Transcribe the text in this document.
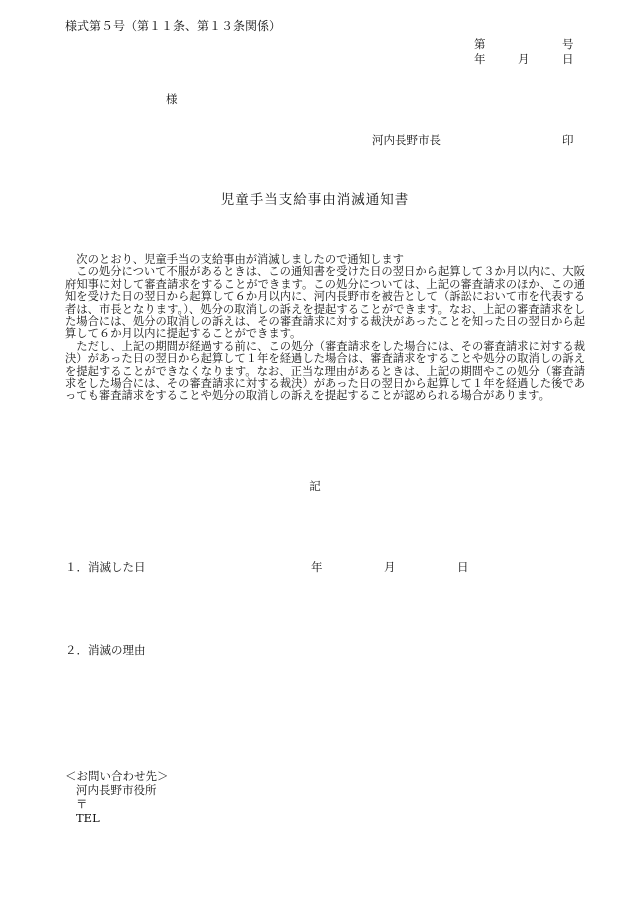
様式第５号（第１１条、第１３条関係）
第	号
年	月	日
様
河内長野市長	印
児童手当支給事由消滅通知書

次のとおり、児童手当の支給事由が消滅しましたので通知します

この処分について不服があるときは、この通知書を受けた日の翌日から起算して３か月以内に、大阪府知事に対して審査請求をすることができます。この処分については、上記の審査請求のほか、この通知を受けた日の翌日から起算して６か月以内に、河内長野市を被告として（訴訟において市を代表する者は、市長となります。）、処分の取消しの訴えを提起することができます。なお、上記の審査請求をした場合には、処分の取消しの訴えは、その審査請求に対する裁決があったことを知った日の翌日から起算して６か月以内に提起することができます。

ただし、上記の期間が経過する前に、この処分（審査請求をした場合には、その審査請求に対する裁決）があった日の翌日から起算して１年を経過した場合は、審査請求をすることや処分の取消しの訴えを提起することができなくなります。なお、正当な理由があるときは、上記の期間やこの処分（審査請求をした場合には、その審査請求に対する裁決）があった日の翌日から起算して１年を経過した後であっても審査請求をすることや処分の取消しの訴えを提起することが認められる場合があります。

記
１．消滅した日	年	月	日
２．消滅の理由
＜お問い合わせ先＞
河内長野市役所
〒
TEL
